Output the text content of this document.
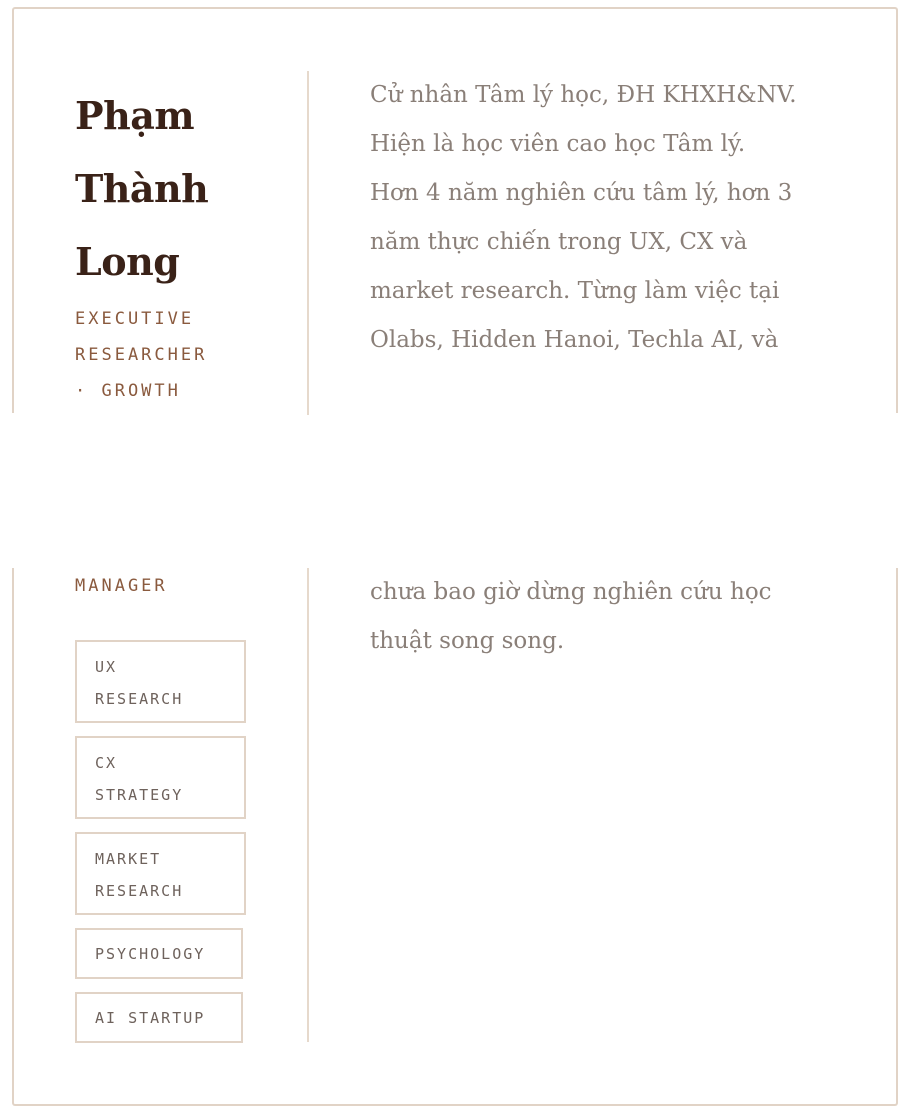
Phạm
Thành
Long
EXECUTIVE
RESEARCHER
· GROWTH
Cử nhân Tâm lý học, ĐH KHXH&NV.
Hiện là học viên cao học Tâm lý.
Hơn 4 năm nghiên cứu tâm lý, hơn 3
năm thực chiến trong UX, CX và
market research. Từng làm việc tại
Olabs, Hidden Hanoi, Techla AI, và
MANAGER
UX
RESEARCH
CX
STRATEGY
MARKET
RESEARCH
PSYCHOLOGY
AI STARTUP
chưa bao giờ dừng nghiên cứu học
thuật song song.
